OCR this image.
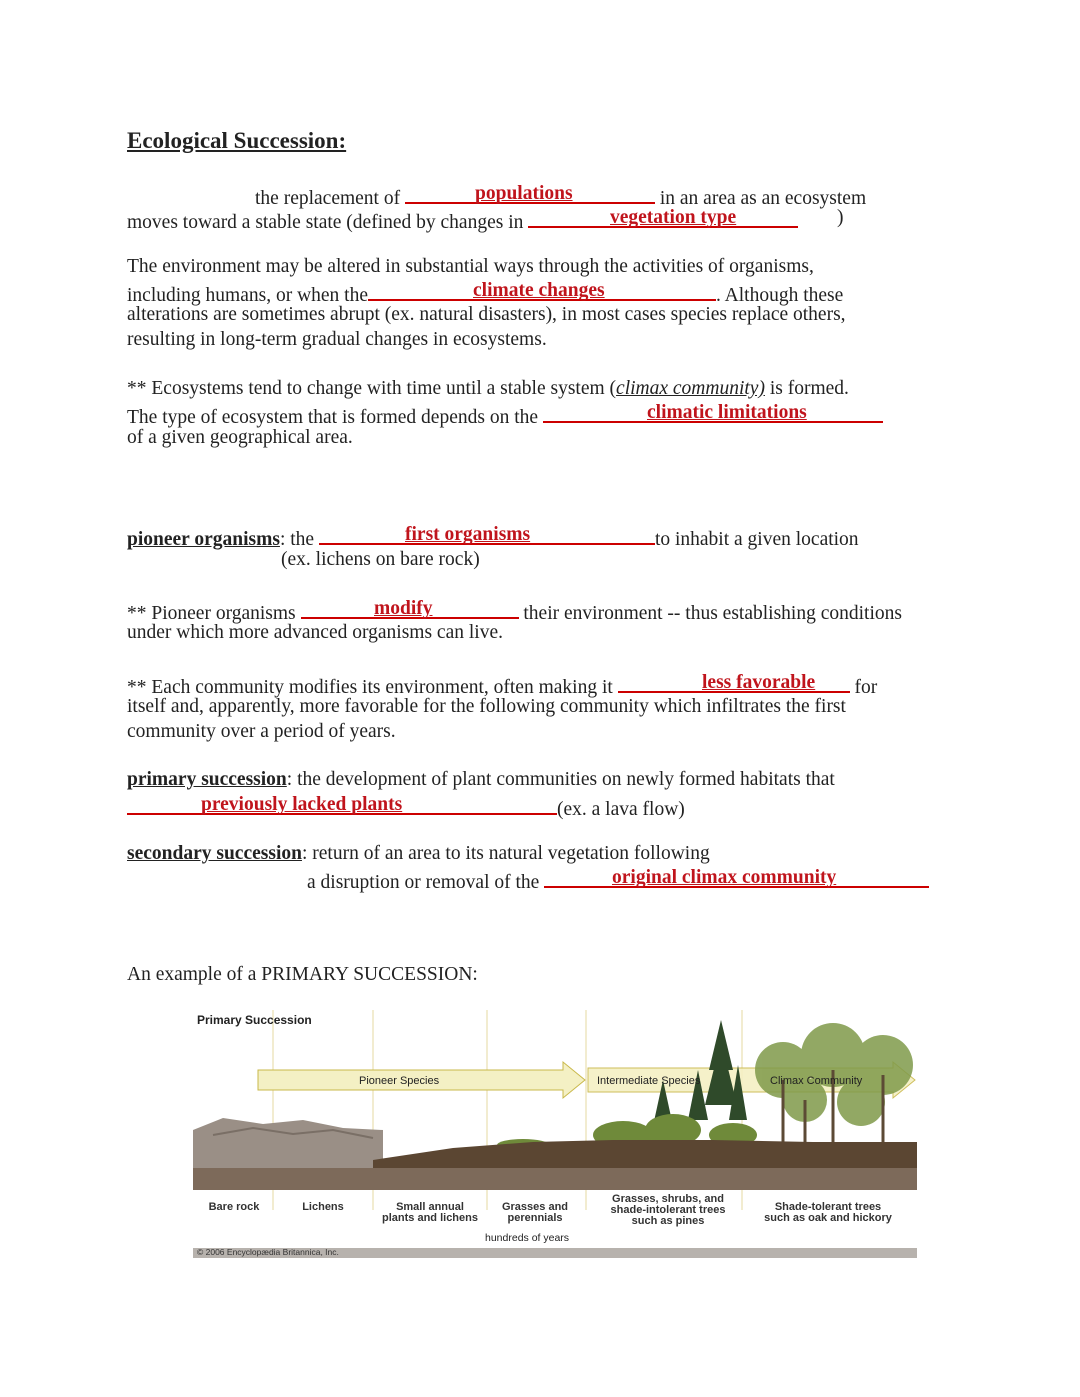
Ecological Succession:
the replacement of	in an area as an ecosystem
populations
moves toward a stable state (defined by changes in	vegetation type	)
The environment may be altered in substantial ways through the activities of organisms,
including humans, or when the	. Although these
climate changes
alterations are sometimes abrupt (ex. natural disasters), in most cases species replace others,
resulting in long-term gradual changes in ecosystems.
** Ecosystems tend to change with time until a stable system (climax community) is formed.
The type of ecosystem that is formed depends on the	climatic limitations
of a given geographical area.
pioneer organisms: the	to inhabit a given location
first organisms
(ex. lichens on bare rock)
** Pioneer organisms	their environment -- thus establishing conditions
modify
under which more advanced organisms can live.
** Each community modifies its environment, often making it	for
less favorable
itself and, apparently, more favorable for the following community which infiltrates the first
community over a period of years.
primary succession: the development of plant communities on newly formed habitats that
(ex. a lava flow)
previously lacked plants
secondary succession: return of an area to its natural vegetation following
a disruption or removal of the	original climax community
An example of a PRIMARY SUCCESSION:
Primary Succession
Pioneer Species	Intermediate Species	Climax Community
Bare rock	Lichens	Small annual
plants and lichens
Grasses and
perennials
Grasses, shrubs, and
shade-intolerant trees
such as pines
Shade-tolerant trees
such as oak and hickory
hundreds of years
© 2006 Encyclopædia Britannica, Inc.
